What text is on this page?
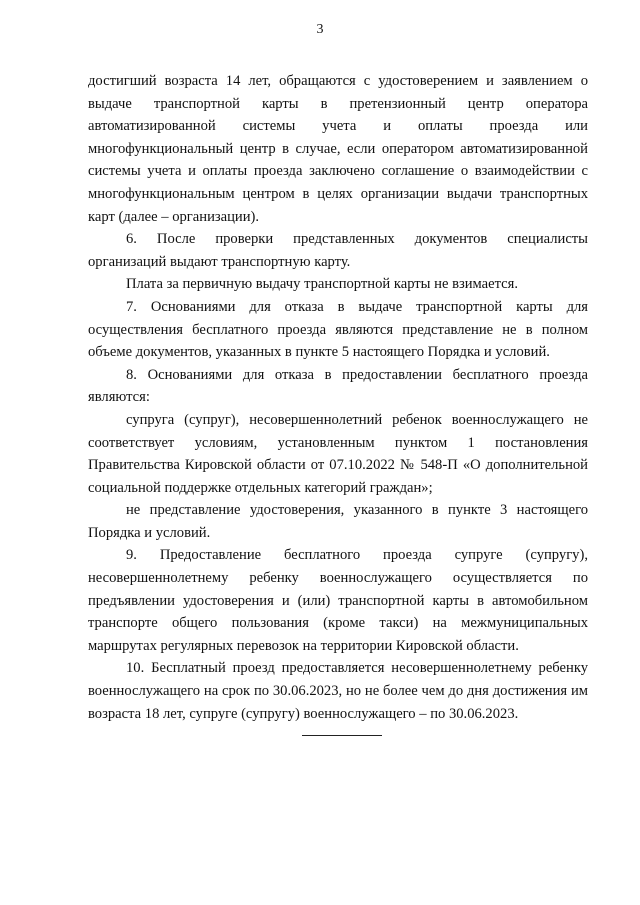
3

достигший возраста 14 лет, обращаются с удостоверением и заявлением о выдаче транспортной карты в претензионный центр оператора автоматизированной системы учета и оплаты проезда или многофункциональный центр в случае, если оператором автоматизированной системы учета и оплаты проезда заключено соглашение о взаимодействии с многофункциональным центром в целях организации выдачи транспортных карт (далее – организации).

6. После проверки представленных документов специалисты организаций выдают транспортную карту.

Плата за первичную выдачу транспортной карты не взимается.

7. Основаниями для отказа в выдаче транспортной карты для осуществления бесплатного проезда являются представление не в полном объеме документов, указанных в пункте 5 настоящего Порядка и условий.

8. Основаниями для отказа в предоставлении бесплатного проезда являются:

супруга (супруг), несовершеннолетний ребенок военнослужащего не соответствует условиям, установленным пунктом 1 постановления Правительства Кировской области от 07.10.2022 № 548-П «О дополнительной социальной поддержке отдельных категорий граждан»;

не представление удостоверения, указанного в пункте 3 настоящего Порядка и условий.

9. Предоставление бесплатного проезда супруге (супругу), несовершеннолетнему ребенку военнослужащего осуществляется по предъявлении удостоверения и (или) транспортной карты в автомобильном транспорте общего пользования (кроме такси) на межмуниципальных маршрутах регулярных перевозок на территории Кировской области.

10. Бесплатный проезд предоставляется несовершеннолетнему ребенку военнослужащего на срок по 30.06.2023, но не более чем до дня достижения им возраста 18 лет, супруге (супругу) военнослужащего – по 30.06.2023.
